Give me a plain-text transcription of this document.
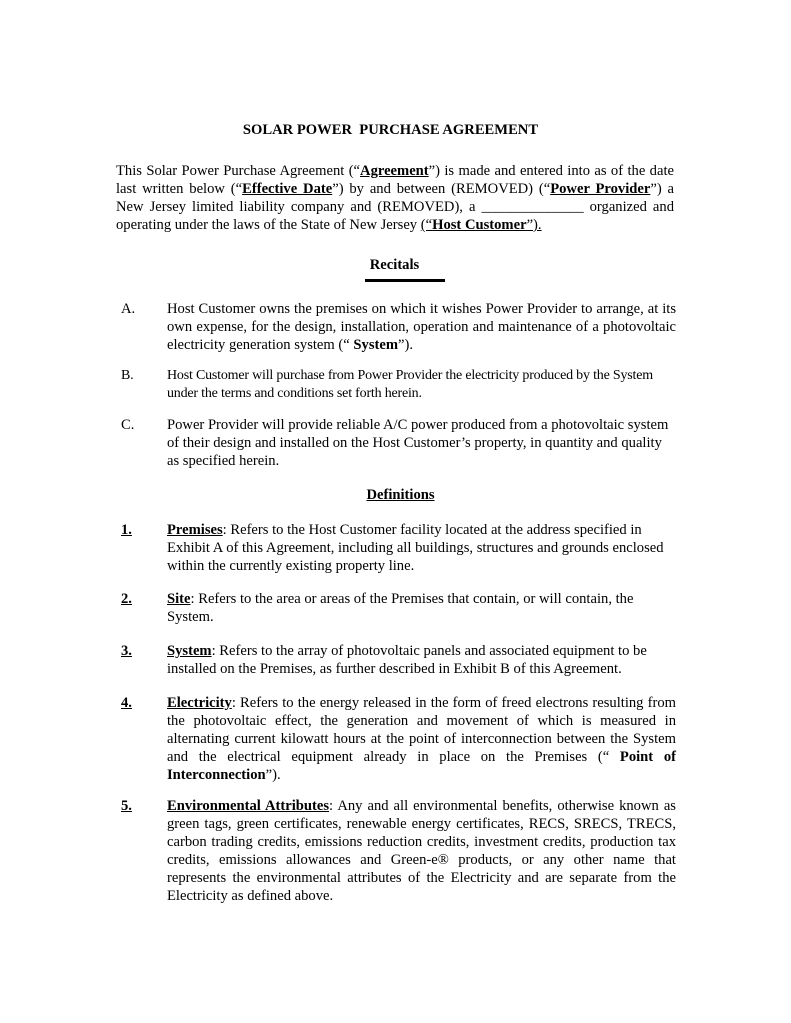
SOLAR POWER  PURCHASE AGREEMENT
This Solar Power Purchase Agreement (“Agreement”) is made and entered into as of the date last written below (“Effective Date”) by and between (REMOVED) (“Power Provider”) a New Jersey limited liability company and (REMOVED), a ______________ organized and operating under the laws of the State of New Jersey (“Host Customer”).
Recitals
A.	Host Customer owns the premises on which it wishes Power Provider to arrange, at its own expense, for the design, installation, operation and maintenance of a photovoltaic electricity generation system (“ System”).
B.	Host Customer will purchase from Power Provider the electricity produced by the System under the terms and conditions set forth herein.
C.	Power Provider will provide reliable A/C power produced from a photovoltaic system of their design and installed on the Host Customer’s property, in quantity and quality as specified herein.
Definitions
1.	Premises: Refers to the Host Customer facility located at the address specified in Exhibit A of this Agreement, including all buildings, structures and grounds enclosed within the currently existing property line.
2.	Site: Refers to the area or areas of the Premises that contain, or will contain, the System.
3.	System: Refers to the array of photovoltaic panels and associated equipment to be installed on the Premises, as further described in Exhibit B of this Agreement.
4.	Electricity: Refers to the energy released in the form of freed electrons resulting from the photovoltaic effect, the generation and movement of which is measured in alternating current kilowatt hours at the point of interconnection between the System and the electrical equipment already in place on the Premises (“ Point of Interconnection”).
5.	Environmental Attributes: Any and all environmental benefits, otherwise known as green tags, green certificates, renewable energy certificates, RECS, SRECS, TRECS, carbon trading credits, emissions reduction credits, investment credits, production tax credits, emissions allowances and Green-e® products, or any other name that represents the environmental attributes of the Electricity and are separate from the Electricity as defined above.
